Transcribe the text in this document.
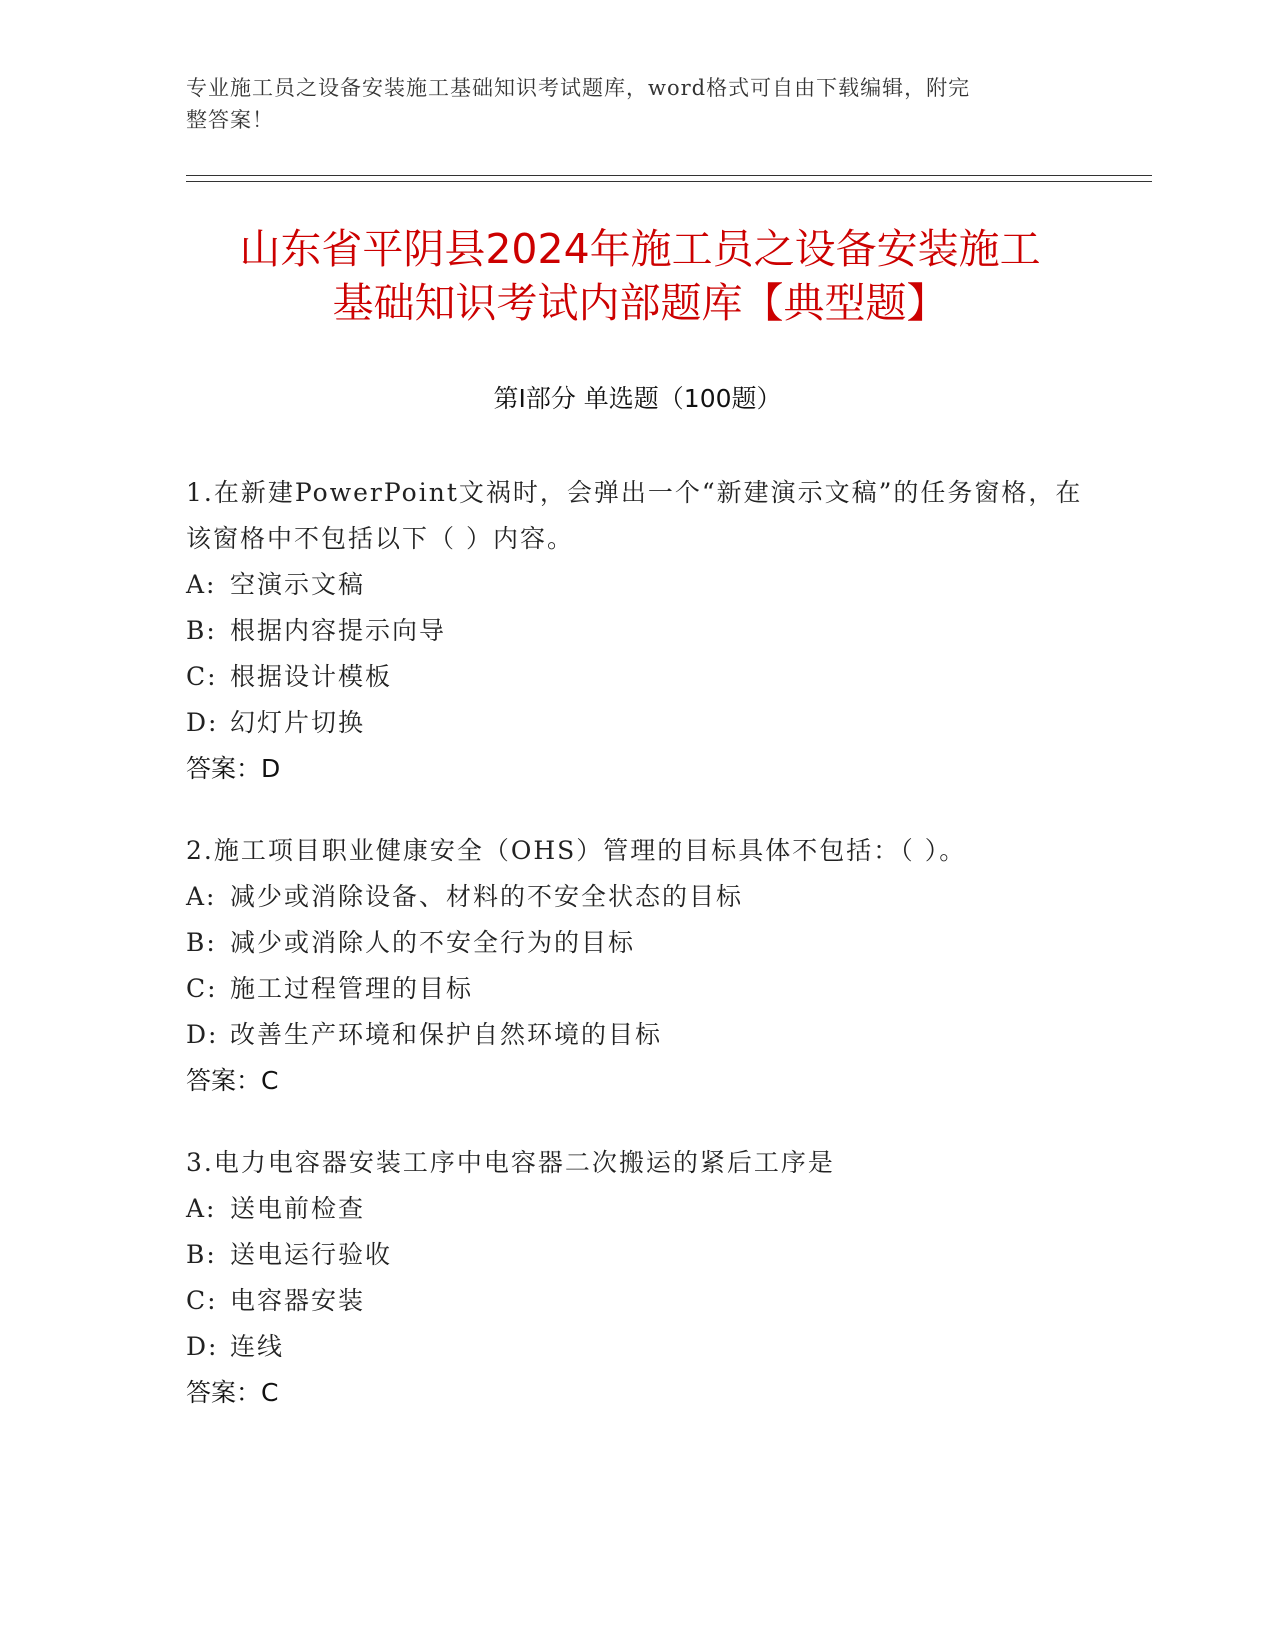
专业施工员之设备安装施工基础知识考试题库，word格式可自由下载编辑，附完
整答案！
山东省平阴县2024年施工员之设备安装施工
基础知识考试内部题库【典型题】
第Ⅰ部分 单选题（100题）
1.在新建PowerPoint文祸时，会弹出一个“新建演示文稿”的任务窗格，在该窗格中不包括以下（ ）内容。
A: 空演示文稿
B: 根据内容提示向导
C: 根据设计模板
D: 幻灯片切换
答案：D
2.施工项目职业健康安全（OHS）管理的目标具体不包括：（ ）。
A: 减少或消除设备、材料的不安全状态的目标
B: 减少或消除人的不安全行为的目标
C: 施工过程管理的目标
D: 改善生产环境和保护自然环境的目标
答案：C
3.电力电容器安装工序中电容器二次搬运的紧后工序是
A: 送电前检查
B: 送电运行验收
C: 电容器安装
D: 连线
答案：C
